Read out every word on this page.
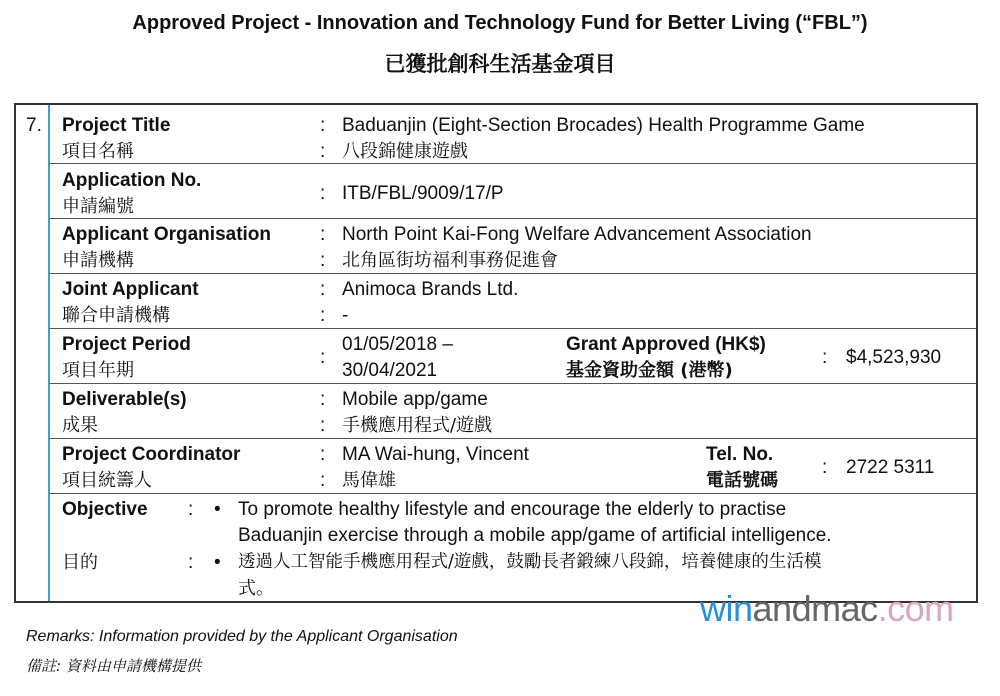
Approved Project - Innovation and Technology Fund for Better Living (“FBL”)
已獲批創科生活基金項目
7. Project Title
項目名稱
:
:
Baduanjin (Eight-Section Brocades) Health Programme Game
八段錦健康遊戲
Application No.
申請編號
: ITB/FBL/9009/17/P
Applicant Organisation
申請機構
:
:
North Point Kai-Fong Welfare Advancement Association
北角區街坊福利事務促進會
Joint Applicant
聯合申請機構
:
:
Animoca Brands Ltd.
-
Project Period
項目年期
:
01/05/2018 –
30/04/2021
Grant Approved (HK$)
基金資助金額 (港幣)
: $4,523,930
Deliverable(s)
成果
:
:
Mobile app/game
手機應用程式/遊戲
Project Coordinator
項目統籌人
:
:
MA Wai-hung, Vincent
馬偉雄
Tel. No.
電話號碼
: 2722 5311
Objective : • To promote healthy lifestyle and encourage the elderly to practise
Baduanjin exercise through a mobile app/game of artificial intelligence.
目的	: • 透過人工智能手機應用程式/遊戲，鼓勵長者鍛練八段錦，培養健康的生活模
式。	winandmac.com
Remarks: Information provided by the Applicant Organisation
備註: 資料由申請機構提供
